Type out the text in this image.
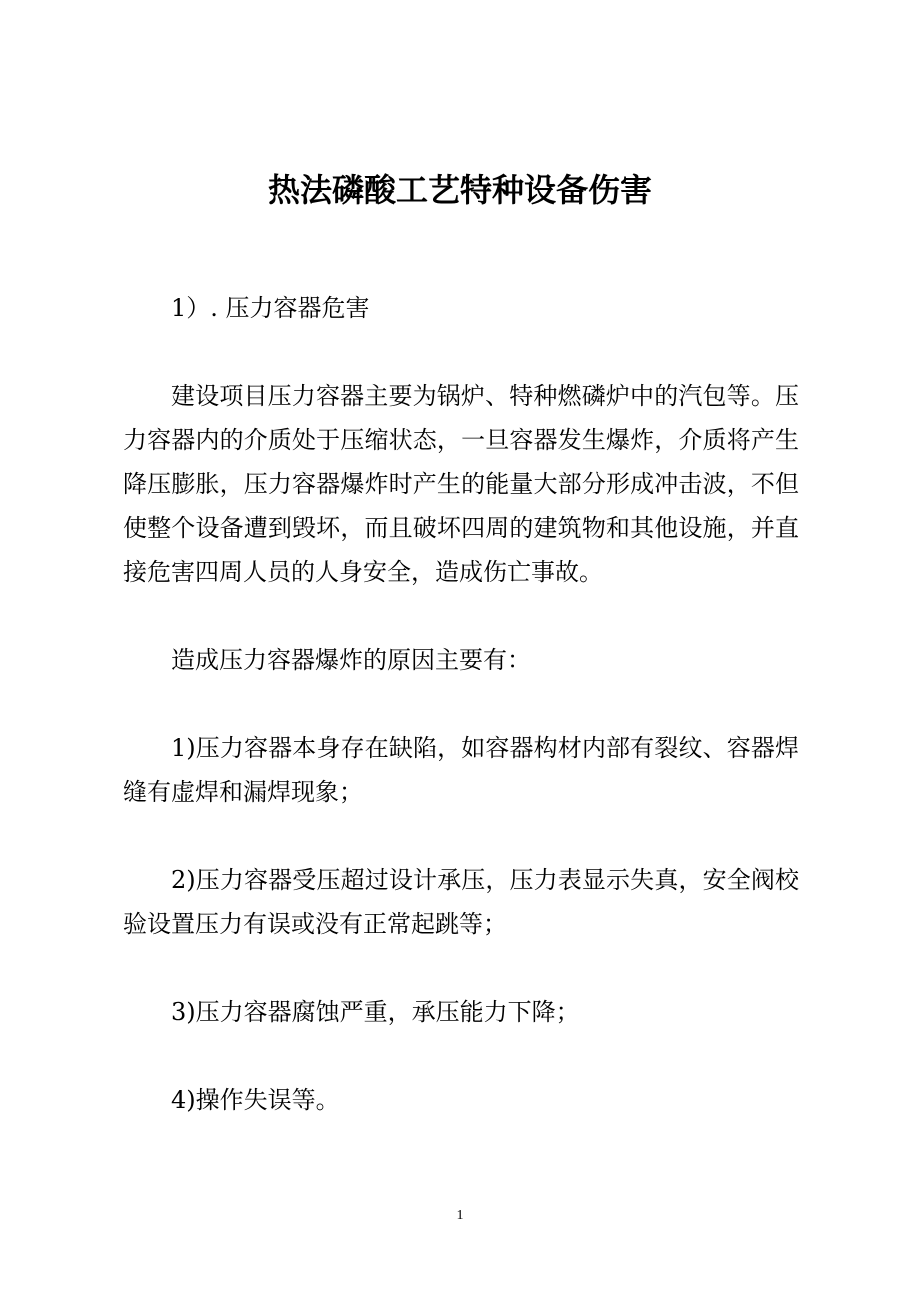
热法磷酸工艺特种设备伤害

1）. 压力容器危害

建设项目压力容器主要为锅炉、特种燃磷炉中的汽包等。压力容器内的介质处于压缩状态，一旦容器发生爆炸，介质将产生降压膨胀，压力容器爆炸时产生的能量大部分形成冲击波，不但使整个设备遭到毁坏，而且破坏四周的建筑物和其他设施，并直接危害四周人员的人身安全，造成伤亡事故。

造成压力容器爆炸的原因主要有：

1)压力容器本身存在缺陷，如容器构材内部有裂纹、容器焊缝有虚焊和漏焊现象；

2)压力容器受压超过设计承压，压力表显示失真，安全阀校验设置压力有误或没有正常起跳等；

3)压力容器腐蚀严重，承压能力下降；

4)操作失误等。

1
